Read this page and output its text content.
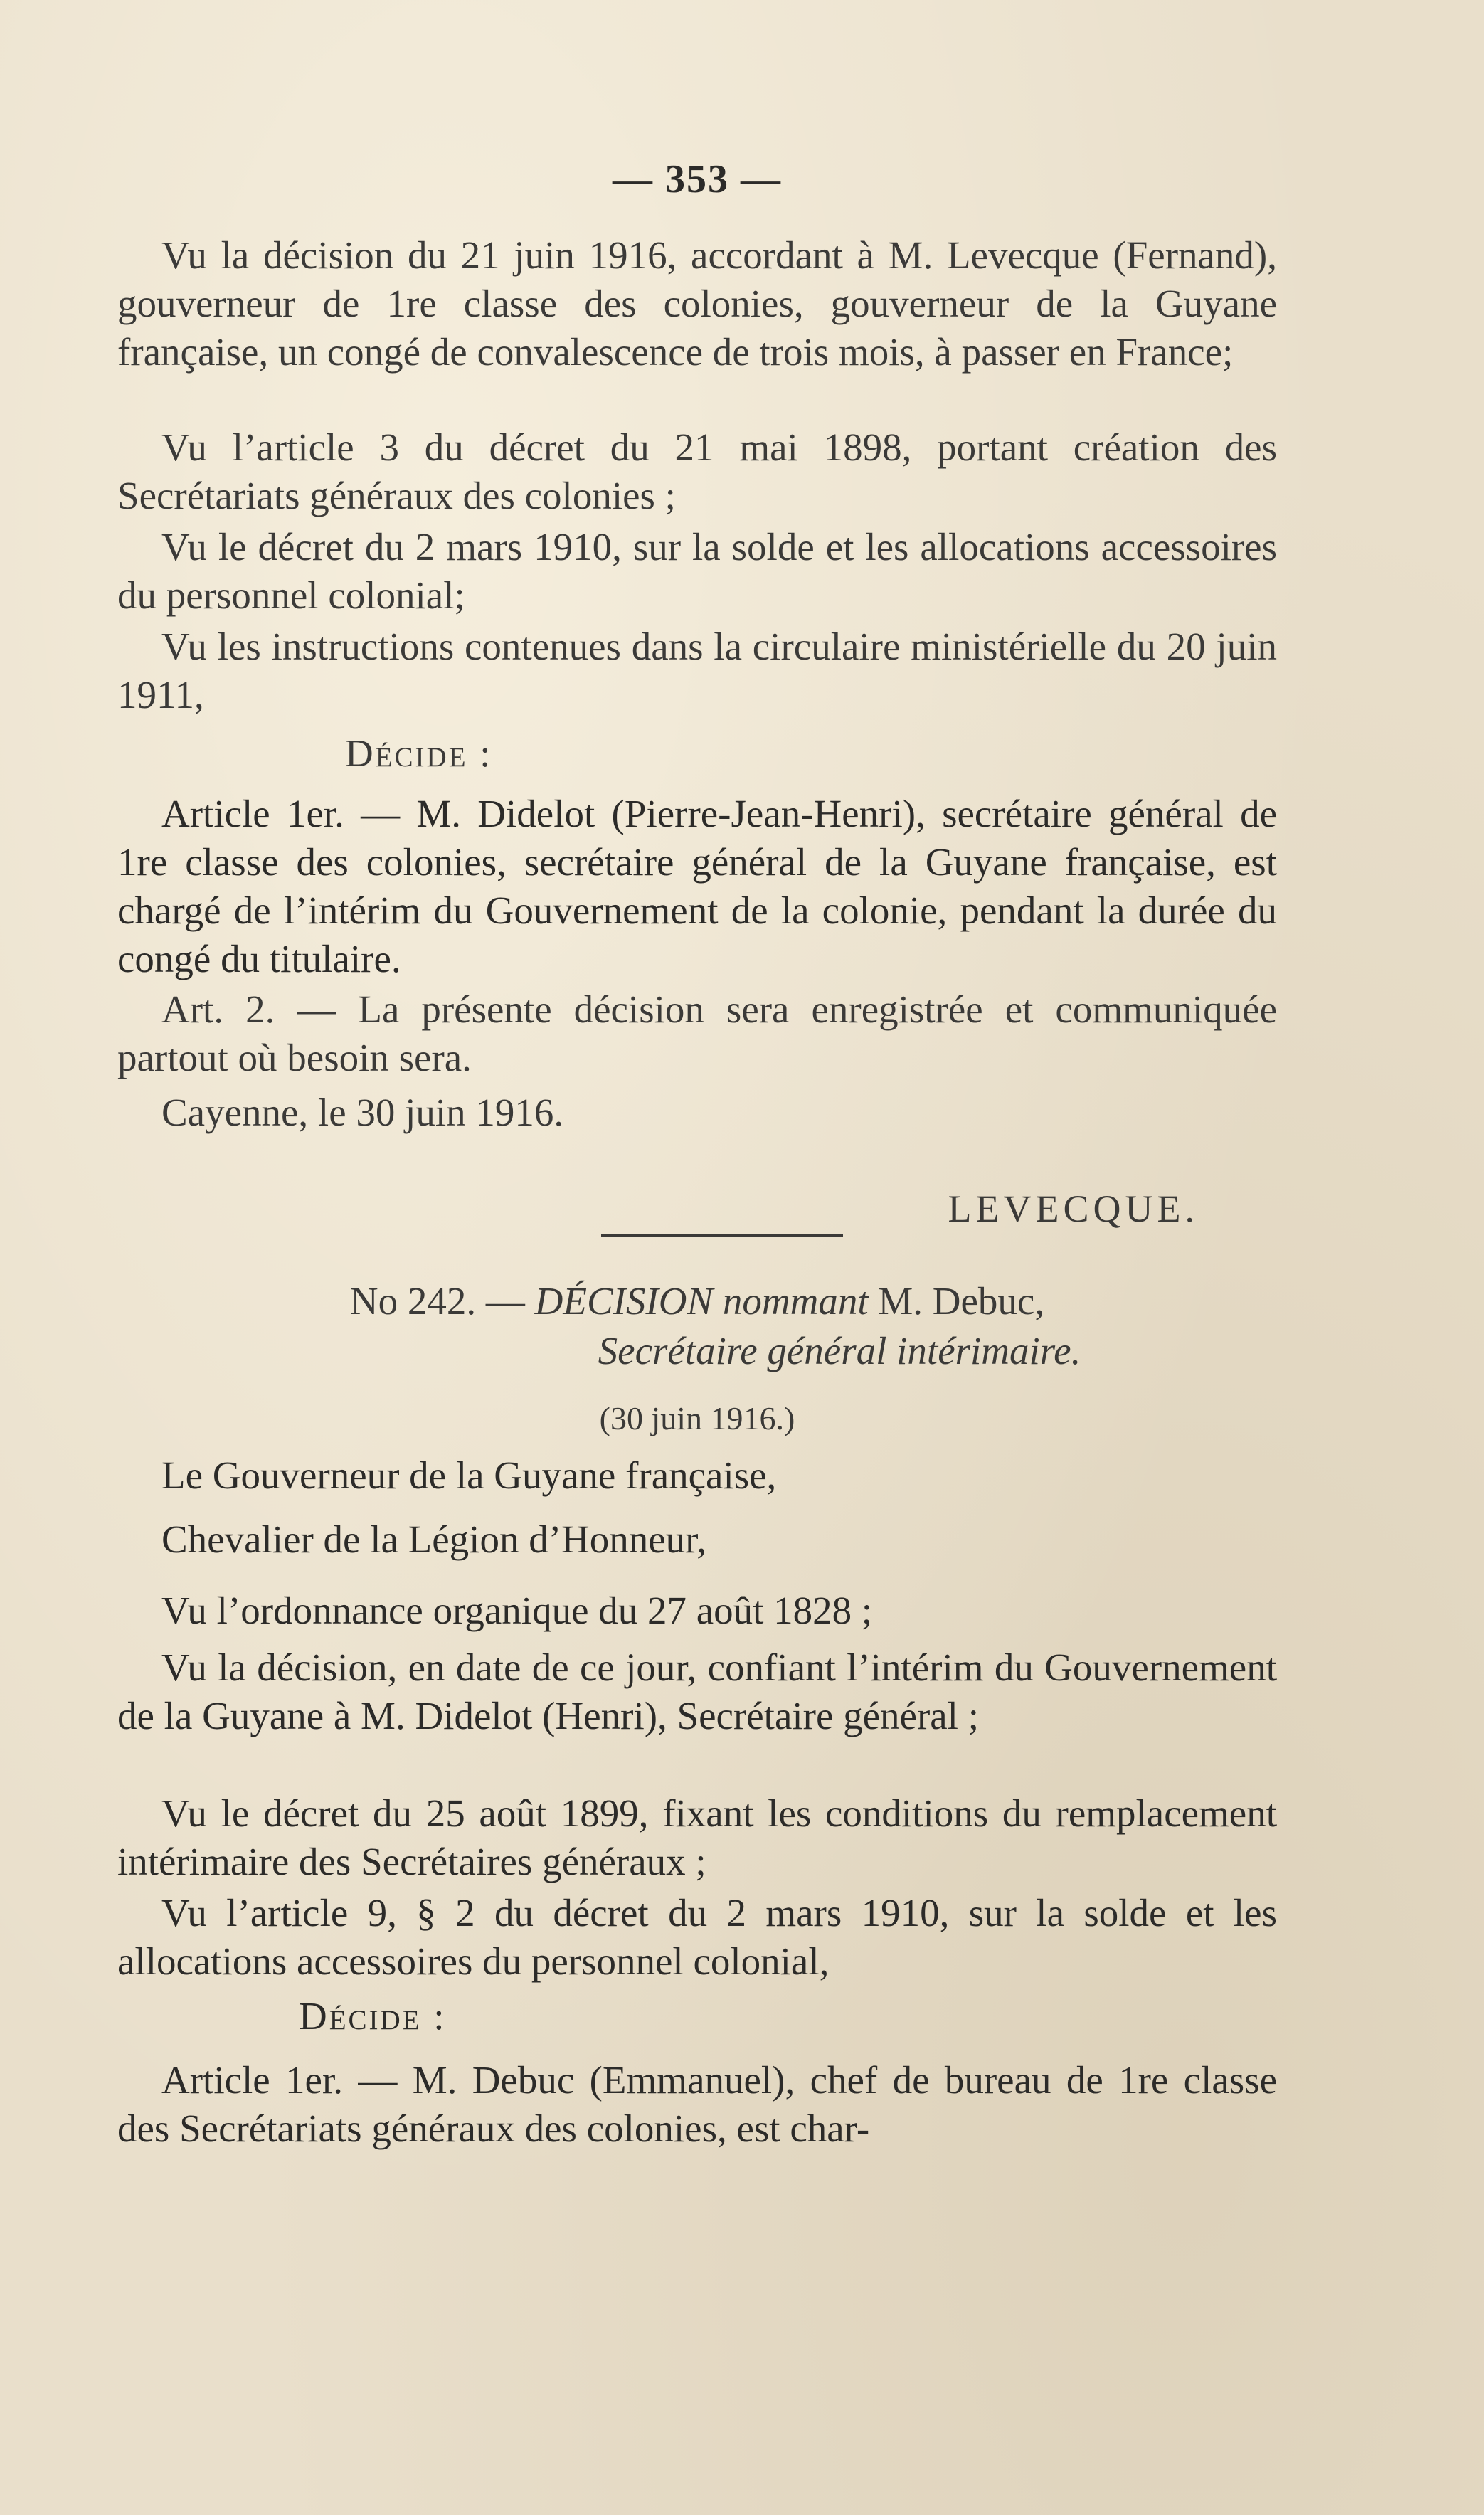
— 353 —

Vu la décision du 21 juin 1916, accordant à M. Levecque (Fernand), gouverneur de 1re classe des colonies, gouverneur de la Guyane française, un congé de convalescence de trois mois, à passer en France;

Vu l’article 3 du décret du 21 mai 1898, portant création des Secrétariats généraux des colonies ;

Vu le décret du 2 mars 1910, sur la solde et les allocations accessoires du personnel colonial;

Vu les instructions contenues dans la circulaire ministérielle du 20 juin 1911,

Décide :

Article 1er. — M. Didelot (Pierre-Jean-Henri), secrétaire général de 1re classe des colonies, secrétaire général de la Guyane française, est chargé de l’intérim du Gouvernement de la colonie, pendant la durée du congé du titulaire.

Art. 2. — La présente décision sera enregistrée et communiquée partout où besoin sera.

Cayenne, le 30 juin 1916.

LEVECQUE.
No 242. — DÉCISION nommant M. Debuc,
Secrétaire général intérimaire.
(30 juin 1916.)

Le Gouverneur de la Guyane française,

Chevalier de la Légion d’Honneur,

Vu l’ordonnance organique du 27 août 1828 ;

Vu la décision, en date de ce jour, confiant l’intérim du Gouvernement de la Guyane à M. Didelot (Henri), Secrétaire général ;

Vu le décret du 25 août 1899, fixant les conditions du remplacement intérimaire des Secrétaires généraux ;

Vu l’article 9, § 2 du décret du 2 mars 1910, sur la solde et les allocations accessoires du personnel colonial,

Décide :

Article 1er. — M. Debuc (Emmanuel), chef de bureau de 1re classe des Secrétariats généraux des colonies, est char-
